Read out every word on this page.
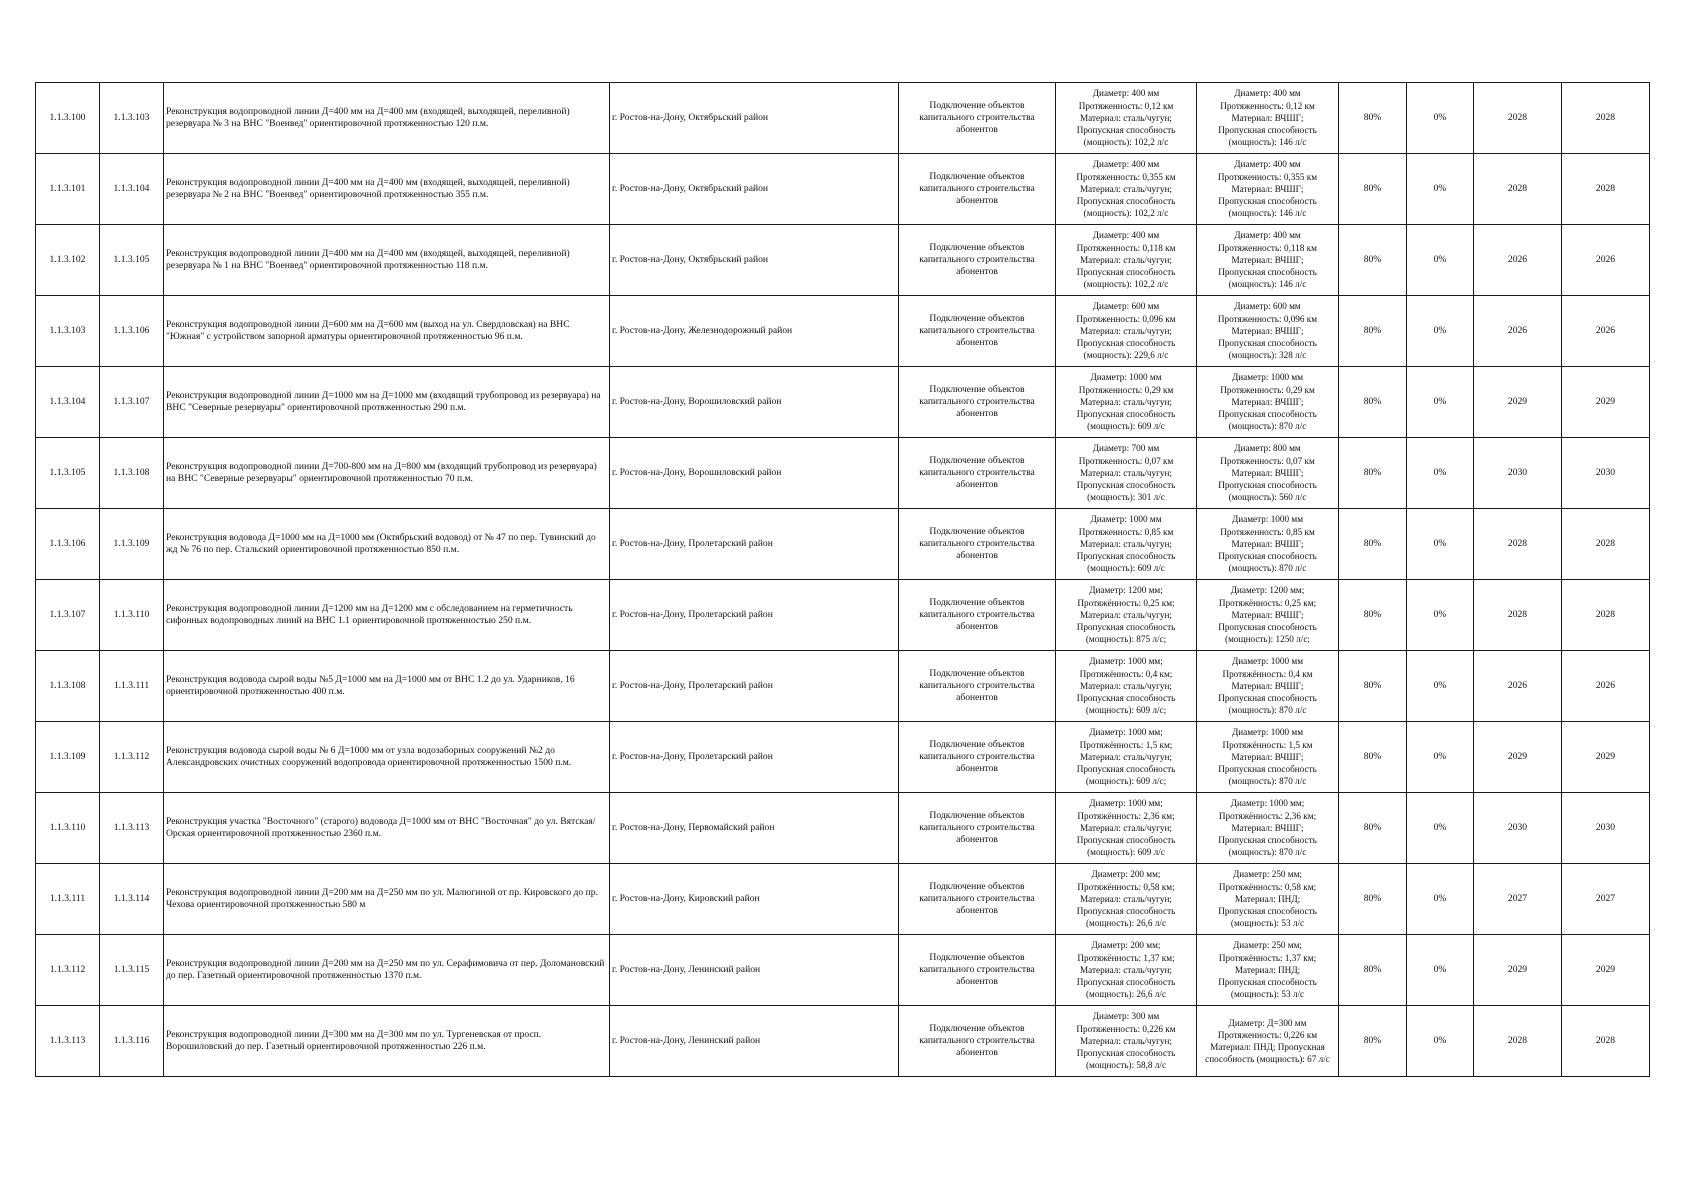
1.1.3.100	1.1.3.103	Реконструкция водопроводной линии Д=400 мм на Д=400 мм (входящей, выходящей, переливной) резервуара № 3 на ВНС "Военвед" ориентировочной протяженностью 120 п.м.	г. Ростов-на-Дону, Октябрьский район	Подключение объектов капитального строительства абонентов	Диаметр: 400 мм
Протяженность: 0,12 км
Материал: сталь/чугун;
Пропускная способность (мощность): 102,2 л/с	Диаметр: 400 мм
Протяженность: 0,12 км
Материал: ВЧШГ;
Пропускная способность (мощность): 146 л/с	80%	0%	2028	2028
1.1.3.101	1.1.3.104	Реконструкция водопроводной линии Д=400 мм на Д=400 мм (входящей, выходящей, переливной) резервуара № 2 на ВНС "Военвед" ориентировочной протяженностью 355 п.м.	г. Ростов-на-Дону, Октябрьский район	Подключение объектов капитального строительства абонентов	Диаметр: 400 мм
Протяженность: 0,355 км
Материал: сталь/чугун;
Пропускная способность (мощность): 102,2 л/с	Диаметр: 400 мм
Протяженность: 0,355 км
Материал: ВЧШГ;
Пропускная способность (мощность): 146 л/с	80%	0%	2028	2028
1.1.3.102	1.1.3.105	Реконструкция водопроводной линии Д=400 мм на Д=400 мм (входящей, выходящей, переливной) резервуара № 1 на ВНС "Военвед" ориентировочной протяженностью 118 п.м.	г. Ростов-на-Дону, Октябрьский район	Подключение объектов капитального строительства абонентов	Диаметр: 400 мм
Протяженность: 0,118 км
Материал: сталь/чугун;
Пропускная способность (мощность): 102,2 л/с	Диаметр: 400 мм
Протяженность: 0,118 км
Материал: ВЧШГ;
Пропускная способность (мощность): 146 л/с	80%	0%	2026	2026
1.1.3.103	1.1.3.106	Реконструкция водопроводной линии Д=600 мм на Д=600 мм (выход на ул. Свердловская) на ВНС "Южная" с устройством запорной арматуры ориентировочной протяженностью 96 п.м.	г. Ростов-на-Дону, Железнодорожный район	Подключение объектов капитального строительства абонентов	Диаметр: 600 мм
Протяженность: 0,096 км
Материал: сталь/чугун;
Пропускная способность (мощность): 229,6 л/с	Диаметр: 600 мм
Протяженность: 0,096 км
Материал: ВЧШГ;
Пропускная способность (мощность): 328 л/с	80%	0%	2026	2026
1.1.3.104	1.1.3.107	Реконструкция водопроводной линии Д=1000 мм на Д=1000 мм (входящий трубопровод из резервуара) на ВНС "Северные резервуары" ориентировочной протяженностью 290 п.м.	г. Ростов-на-Дону, Ворошиловский район	Подключение объектов капитального строительства абонентов	Диаметр: 1000 мм
Протяженность: 0,29 км
Материал: сталь/чугун;
Пропускная способность (мощность): 609 л/с	Диаметр: 1000 мм
Протяженность: 0,29 км
Материал: ВЧШГ;
Пропускная способность (мощность): 870 л/с	80%	0%	2029	2029
1.1.3.105	1.1.3.108	Реконструкция водопроводной линии Д=700-800 мм на Д=800 мм (входящий трубопровод из резервуара) на ВНС "Северные резервуары" ориентировочной протяженностью 70 п.м.	г. Ростов-на-Дону, Ворошиловский район	Подключение объектов капитального строительства абонентов	Диаметр: 700 мм
Протяженность: 0,07 км
Материал: сталь/чугун;
Пропускная способность (мощность): 301 л/с	Диаметр: 800 мм
Протяженность: 0,07 км
Материал: ВЧШГ;
Пропускная способность (мощность): 560 л/с	80%	0%	2030	2030
1.1.3.106	1.1.3.109	Реконструкция водовода Д=1000 мм на Д=1000 мм (Октябрьский водовод) от № 47 по пер. Тувинский до жд № 76 по пер. Стальский ориентировочной протяженностью 850 п.м.	г. Ростов-на-Дону, Пролетарский район	Подключение объектов капитального строительства абонентов	Диаметр: 1000 мм
Протяженность: 0,85 км
Материал: сталь/чугун;
Пропускная способность (мощность): 609 л/с	Диаметр: 1000 мм
Протяженность: 0,85 км
Материал: ВЧШГ;
Пропускная способность (мощность): 870 л/с	80%	0%	2028	2028
1.1.3.107	1.1.3.110	Реконструкция водопроводной линии Д=1200 мм на Д=1200 мм с обследованием на герметичность сифонных водопроводных линий на ВНС 1.1 ориентировочной протяженностью 250 п.м.	г. Ростов-на-Дону, Пролетарский район	Подключение объектов капитального строительства абонентов	Диаметр: 1200 мм;
Протяжённость: 0,25 км;
Материал: сталь/чугун;
Пропускная способность (мощность): 875 л/с;	Диаметр: 1200 мм;
Протяжённость: 0,25 км;
Материал: ВЧШГ;
Пропускная способность (мощность): 1250 л/с;	80%	0%	2028	2028
1.1.3.108	1.1.3.111	Реконструкция водовода сырой воды №5 Д=1000 мм на Д=1000 мм от ВНС 1.2 до ул. Ударников, 16 ориентировочной протяженностью 400 п.м.	г. Ростов-на-Дону, Пролетарский район	Подключение объектов капитального строительства абонентов	Диаметр: 1000 мм;
Протяжённость: 0,4 км;
Материал: сталь/чугун;
Пропускная способность (мощность): 609 л/с;	Диаметр: 1000 мм
Протяжённость: 0,4 км
Материал: ВЧШГ;
Пропускная способность (мощность): 870 л/с	80%	0%	2026	2026
1.1.3.109	1.1.3.112	Реконструкция водовода сырой воды № 6 Д=1000 мм от узла водозаборных сооружений №2 до Александровских очистных сооружений водопровода ориентировочной протяженностью 1500 п.м.	г. Ростов-на-Дону, Пролетарский район	Подключение объектов капитального строительства абонентов	Диаметр: 1000 мм;
Протяжённость: 1,5 км;
Материал: сталь/чугун;
Пропускная способность (мощность): 609 л/с;	Диаметр: 1000 мм
Протяжённость: 1,5 км
Материал: ВЧШГ;
Пропускная способность (мощность): 870 л/с	80%	0%	2029	2029
1.1.3.110	1.1.3.113	Реконструкция участка "Восточного" (старого) водовода Д=1000 мм от ВНС "Восточная" до ул. Вятская/Орская ориентировочной протяженностью 2360 п.м.	г. Ростов-на-Дону, Первомайский район	Подключение объектов капитального строительства абонентов	Диаметр: 1000 мм;
Протяжённость: 2,36 км;
Материал: сталь/чугун;
Пропускная способность (мощность): 609 л/с	Диаметр: 1000 мм;
Протяжённость: 2,36 км;
Материал: ВЧШГ;
Пропускная способность (мощность): 870 л/с	80%	0%	2030	2030
1.1.3.111	1.1.3.114	Реконструкция водопроводной линии Д=200 мм на Д=250 мм по ул. Малюгиной от пр. Кировского до пр. Чехова ориентировочной протяженностью 580 м	г. Ростов-на-Дону, Кировский район	Подключение объектов капитального строительства абонентов	Диаметр: 200 мм;
Протяжённость: 0,58 км;
Материал: сталь/чугун;
Пропускная способность (мощность): 26,6 л/с	Диаметр: 250 мм;
Протяжённость: 0,58 км;
Материал: ПНД;
Пропускная способность (мощность): 53 л/с	80%	0%	2027	2027
1.1.3.112	1.1.3.115	Реконструкция водопроводной линии Д=200 мм на Д=250 мм по ул. Серафимовича от пер. Доломановский до пер. Газетный ориентировочной протяженностью 1370 п.м.	г. Ростов-на-Дону, Ленинский район	Подключение объектов капитального строительства абонентов	Диаметр: 200 мм;
Протяжённость: 1,37 км;
Материал: сталь/чугун;
Пропускная способность (мощность): 26,6 л/с	Диаметр: 250 мм;
Протяжённость: 1,37 км;
Материал: ПНД;
Пропускная способность (мощность): 53 л/с	80%	0%	2029	2029
1.1.3.113	1.1.3.116	Реконструкция водопроводной линии Д=300 мм на Д=300 мм по ул. Тургеневская от просп. Ворошиловский до пер. Газетный ориентировочной протяженностью 226 п.м.	г. Ростов-на-Дону, Ленинский район	Подключение объектов капитального строительства абонентов	Диаметр: 300 мм
Протяженность: 0,226 км
Материал: сталь/чугун;
Пропускная способность (мощность): 58,8 л/с	Диаметр: Д=300 мм
Протяженность: 0,226 км
Материал: ПНД; Пропускная способность (мощность): 67 л/с	80%	0%	2028	2028
